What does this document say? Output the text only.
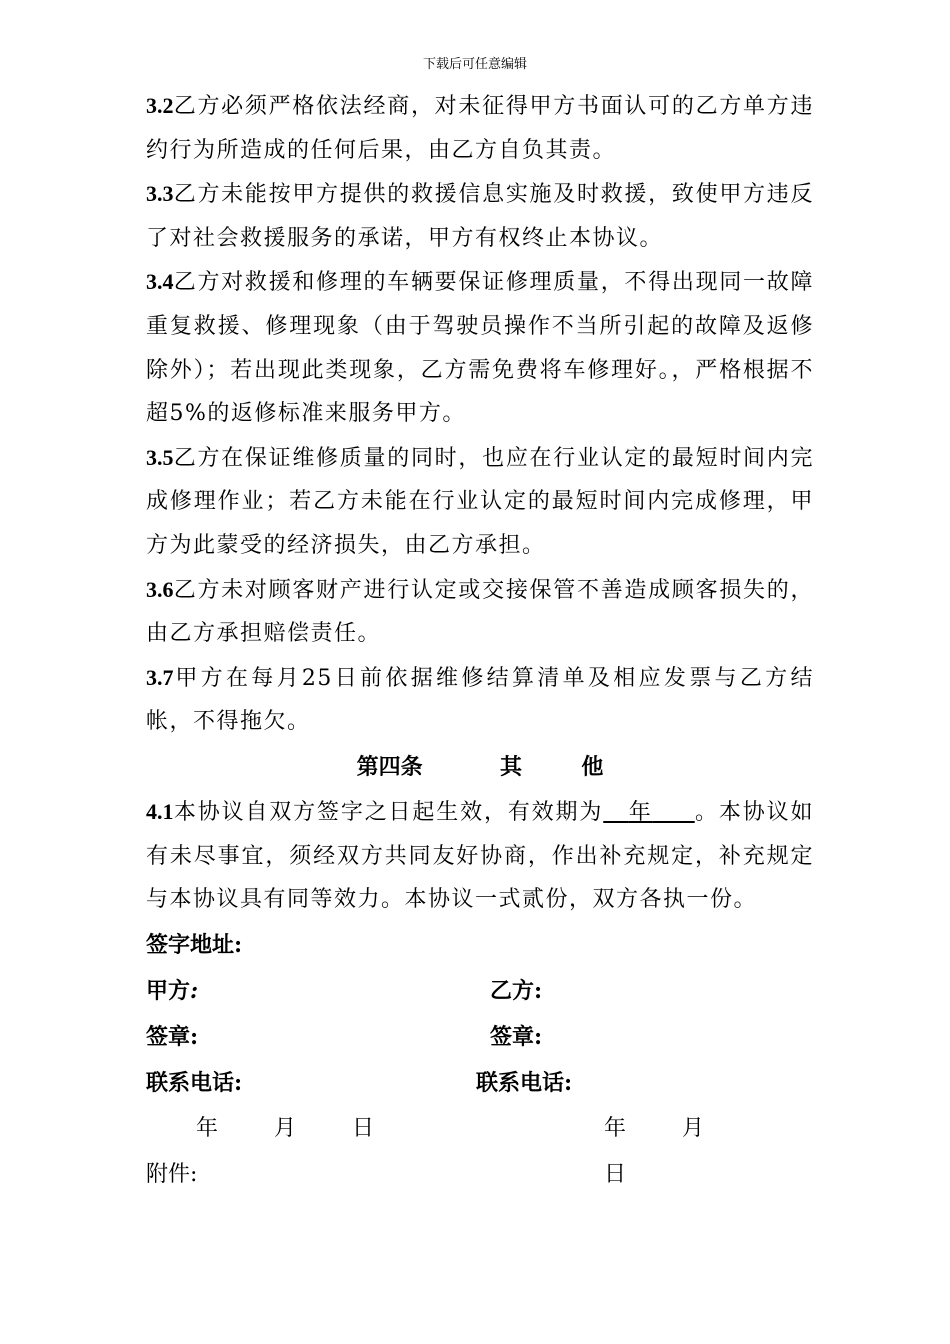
下载后可任意编辑

3.2乙方必须严格依法经商，对未征得甲方书面认可的乙方单方违约行为所造成的任何后果，由乙方自负其责。

3.3乙方未能按甲方提供的救援信息实施及时救援，致使甲方违反了对社会救援服务的承诺，甲方有权终止本协议。

3.4乙方对救援和修理的车辆要保证修理质量，不得出现同一故障重复救援、修理现象（由于驾驶员操作不当所引起的故障及返修除外）；若出现此类现象，乙方需免费将车修理好。，严格根据不超5%的返修标准来服务甲方。

3.5乙方在保证维修质量的同时，也应在行业认定的最短时间内完成修理作业；若乙方未能在行业认定的最短时间内完成修理，甲方为此蒙受的经济损失，由乙方承担。

3.6乙方未对顾客财产进行认定或交接保管不善造成顾客损失的，由乙方承担赔偿责任。

3.7甲方在每月25日前依据维修结算清单及相应发票与乙方结帐，不得拖欠。

第四条	其	他

4.1本协议自双方签字之日起生效，有效期为 年 。本协议如有未尽事宜，须经双方共同友好协商，作出补充规定，补充规定与本协议具有同等效力。本协议一式贰份，双方各执一份。

签字地址:
甲方:	乙方:
签章:	签章:
联系电话:	联系电话:
年	月	日	年	月日
附件:
